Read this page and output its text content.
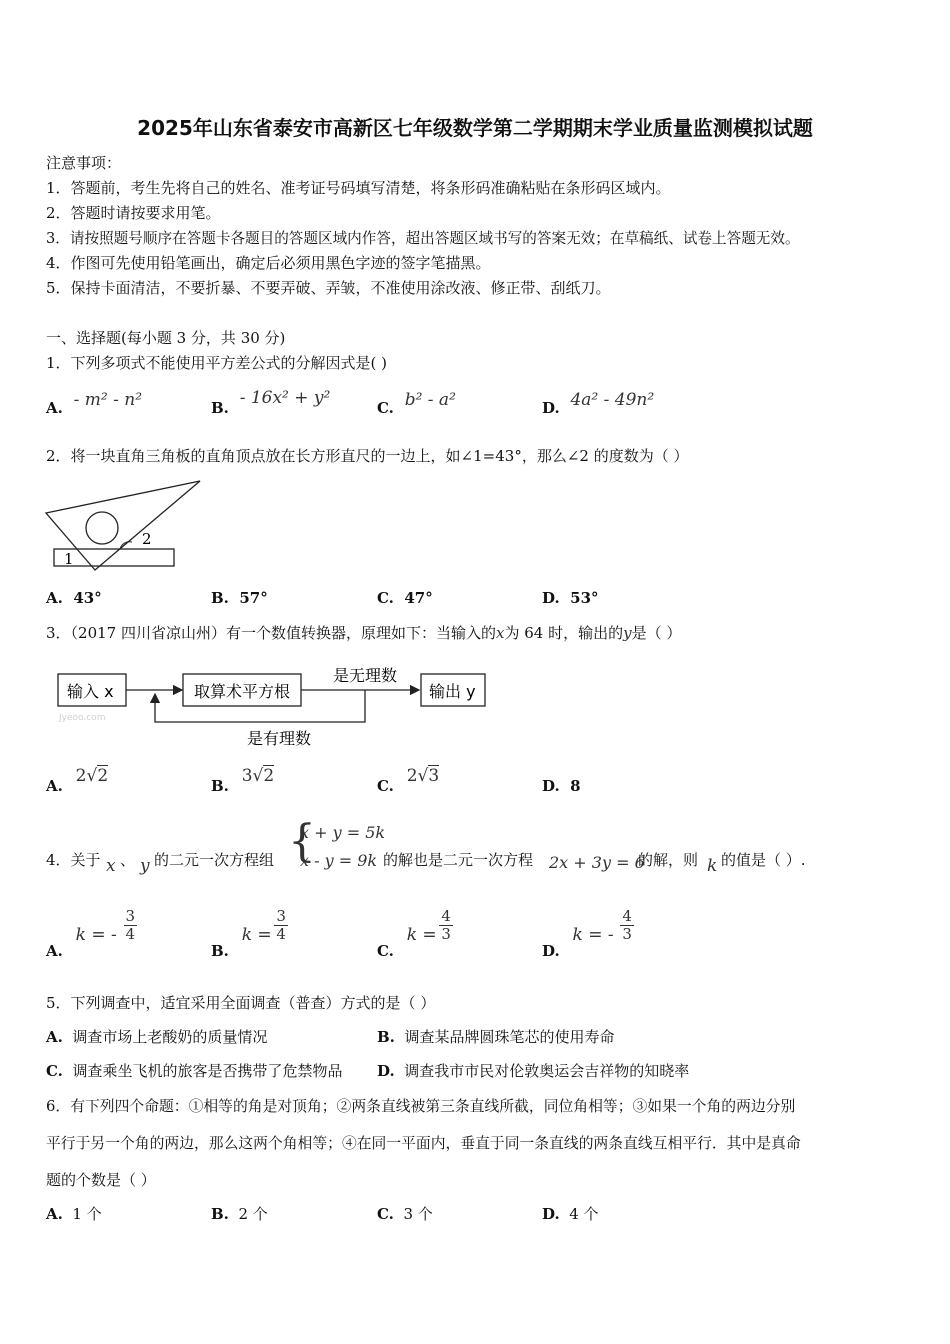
2025年山东省泰安市高新区七年级数学第二学期期末学业质量监测模拟试题
注意事项：
1．答题前，考生先将自己的姓名、准考证号码填写清楚，将条形码准确粘贴在条形码区域内。
2．答题时请按要求用笔。
3．请按照题号顺序在答题卡各题目的答题区域内作答，超出答题区域书写的答案无效；在草稿纸、试卷上答题无效。
4．作图可先使用铅笔画出，确定后必须用黑色字迹的签字笔描黑。
5．保持卡面清洁，不要折暴、不要弄破、弄皱，不准使用涂改液、修正带、刮纸刀。
一、选择题(每小题 3 分，共 30 分)
1．下列多项式不能使用平方差公式的分解因式是( )
A. - m² - n²	B. - 16x² + y²	C. b² - a²	D. 4a² - 49n²
2．将一块直角三角板的直角顶点放在长方形直尺的一边上，如∠1=43°，那么∠2 的度数为（ ）
1
2
A. 43°	B. 57°	C. 47°	D. 53°
3．（2017 四川省凉山州）有一个数值转换器，原理如下：当输入的x为 64 时，输出的y是（ ）
输入 x
Jyeoo.com
取算术平方根
是无理数
输出 y
是有理数
A. 2√2	B. 3√2	C. 2√3	D. 8
4．关于 x 、 y 的二元一次方程组 {
x + y = 5k
x - y = 9k 的解也是二元一次方程 2x + 3y = 6
的解，则 k 的值是（ ）.
A. k = - $\frac{3}{4}$
B. $k = \frac{3}{4}$
C. $k = \frac{4}{3}$
D. k = - $\frac{4}{3}$
5．下列调查中，适宜采用全面调查（普查）方式的是（ ）
A. 调查市场上老酸奶的质量情况	B. 调查某品牌圆珠笔芯的使用寿命
C. 调查乘坐飞机的旅客是否携带了危禁物品 D. 调查我市市民对伦敦奥运会吉祥物的知晓率
6．有下列四个命题：①相等的角是对顶角；②两条直线被第三条直线所截，同位角相等；③如果一个角的两边分别
平行于另一个角的两边，那么这两个角相等；④在同一平面内，垂直于同一条直线的两条直线互相平行．其中是真命
题的个数是（ ）
A. 1 个	B. 2 个	C. 3 个	D. 4 个
